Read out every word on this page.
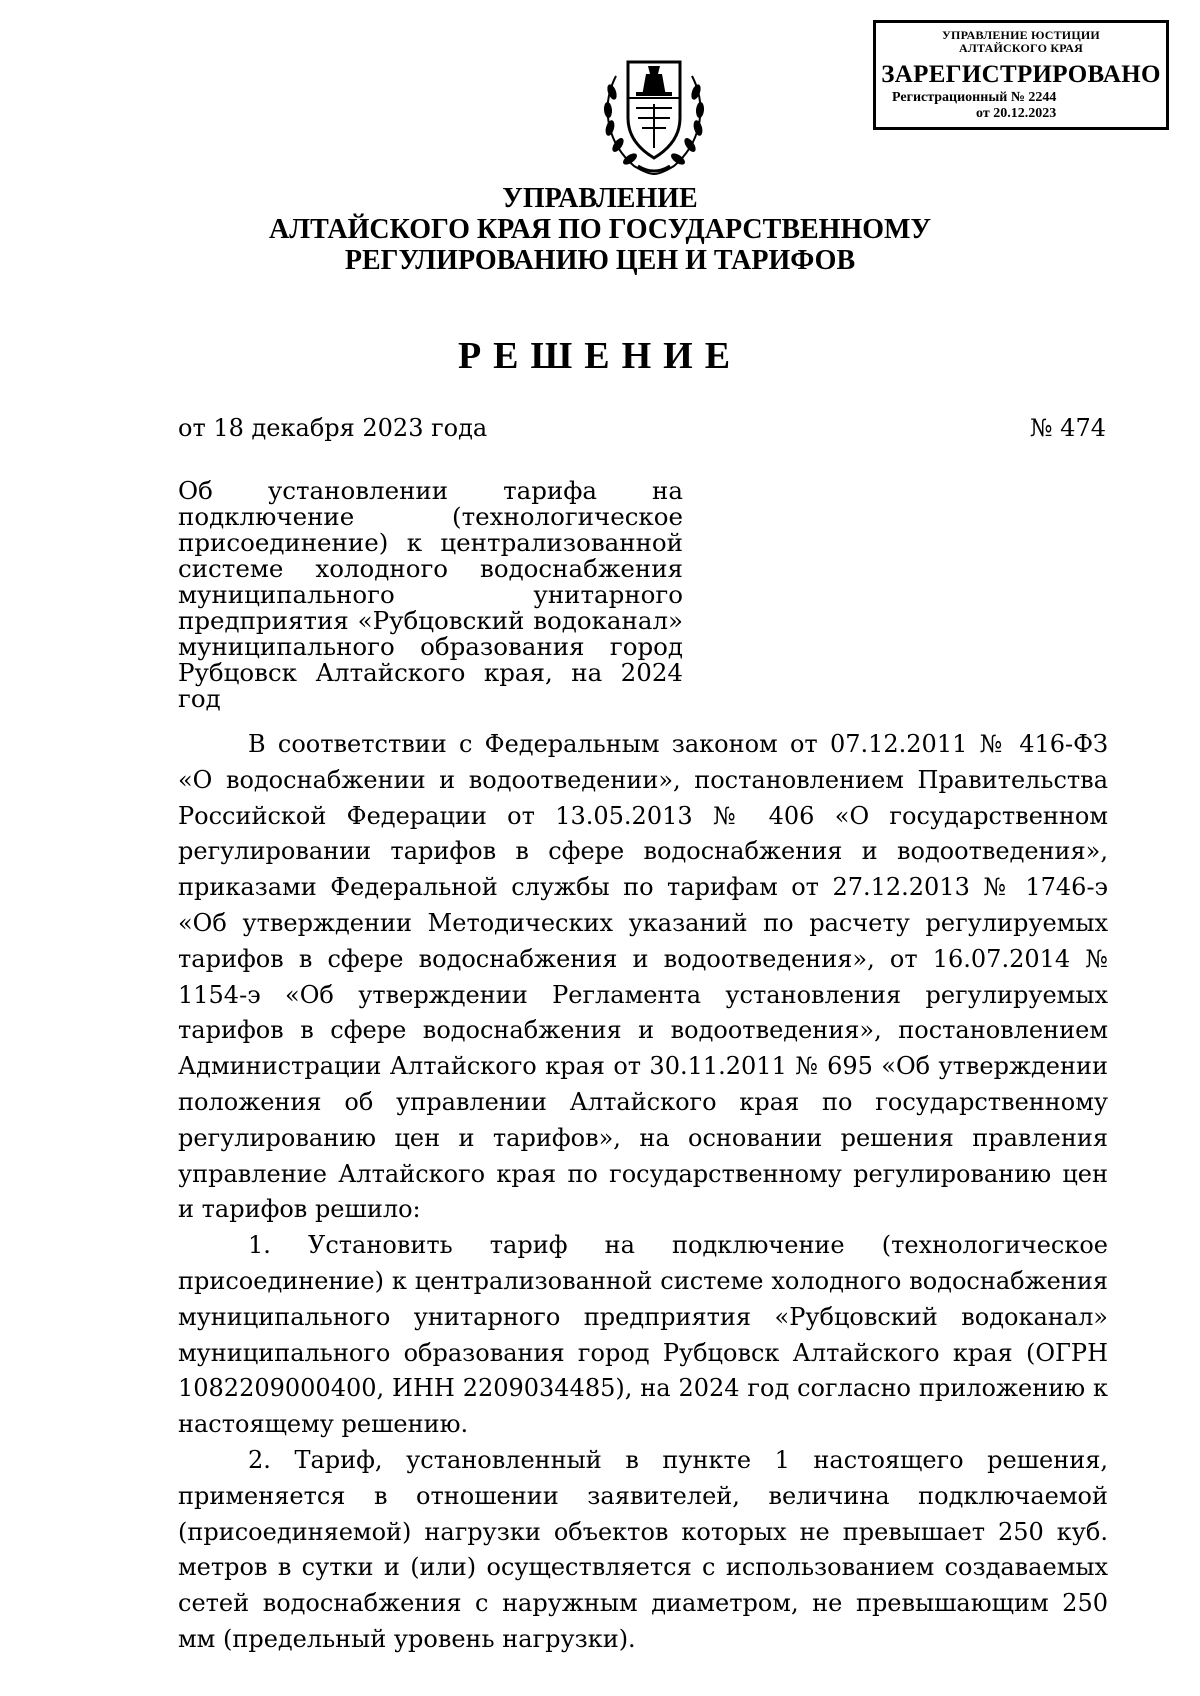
УПРАВЛЕНИЕ ЮСТИЦИИ
АЛТАЙСКОГО КРАЯ
ЗАРЕГИСТРИРОВАНО
Регистрационный № 2244
от 20.12.2023
УПРАВЛЕНИЕ
АЛТАЙСКОГО КРАЯ ПО ГОСУДАРСТВЕННОМУ
РЕГУЛИРОВАНИЮ ЦЕН И ТАРИФОВ
РЕШЕНИЕ
от 18 декабря 2023 года	№ 474
Об установлении тарифа на подключение (технологическое присоединение) к централизованной системе холодного водоснабжения муниципального унитарного предприятия «Рубцовский водоканал» муниципального образования город Рубцовск Алтайского края, на 2024 год

В соответствии с Федеральным законом от 07.12.2011 № 416-ФЗ «О водоснабжении и водоотведении», постановлением Правительства Российской Федерации от 13.05.2013 № 406 «О государственном регулировании тарифов в сфере водоснабжения и водоотведения», приказами Федеральной службы по тарифам от 27.12.2013 № 1746-э «Об утверждении Методических указаний по расчету регулируемых тарифов в сфере водоснабжения и водоотведения», от 16.07.2014 № 1154-э «Об утверждении Регламента установления регулируемых тарифов в сфере водоснабжения и водоотведения», постановлением Администрации Алтайского края от 30.11.2011 № 695 «Об утверждении положения об управлении Алтайского края по государственному регулированию цен и тарифов», на основании решения правления управление Алтайского края по государственному регулированию цен и тарифов решило:

1. Установить тариф на подключение (технологическое присоединение) к централизованной системе холодного водоснабжения муниципального унитарного предприятия «Рубцовский водоканал» муниципального образования город Рубцовск Алтайского края (ОГРН 1082209000400, ИНН 2209034485), на 2024 год согласно приложению к настоящему решению.

2. Тариф, установленный в пункте 1 настоящего решения, применяется в отношении заявителей, величина подключаемой (присоединяемой) нагрузки объектов которых не превышает 250 куб. метров в сутки и (или) осуществляется с использованием создаваемых сетей водоснабжения с наружным диаметром, не превышающим 250 мм (предельный уровень нагрузки).
